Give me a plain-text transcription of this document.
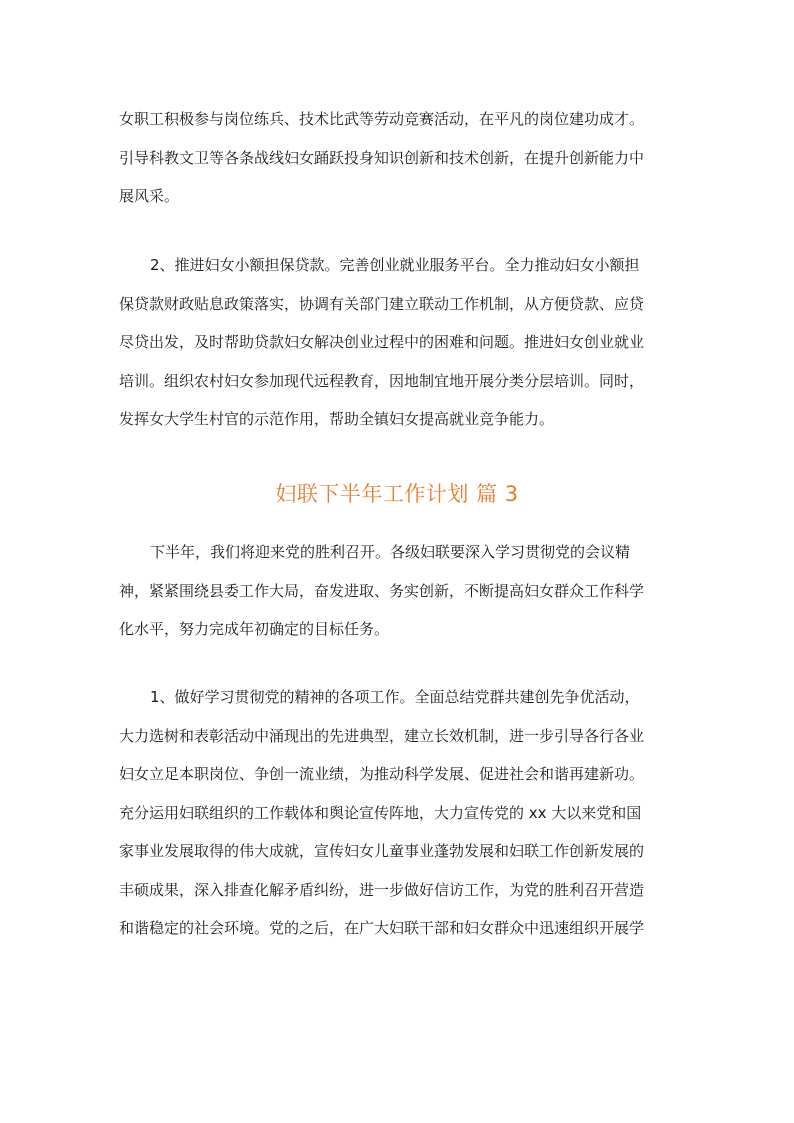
女职工积极参与岗位练兵、技术比武等劳动竞赛活动，在平凡的岗位建功成才。
引导科教文卫等各条战线妇女踊跃投身知识创新和技术创新，在提升创新能力中
展风采。
2、推进妇女小额担保贷款。完善创业就业服务平台。全力推动妇女小额担
保贷款财政贴息政策落实，协调有关部门建立联动工作机制，从方便贷款、应贷
尽贷出发，及时帮助贷款妇女解决创业过程中的困难和问题。推进妇女创业就业
培训。组织农村妇女参加现代远程教育，因地制宜地开展分类分层培训。同时，
发挥女大学生村官的示范作用，帮助全镇妇女提高就业竞争能力。
妇联下半年工作计划 篇 3
下半年，我们将迎来党的胜利召开。各级妇联要深入学习贯彻党的会议精
神，紧紧围绕县委工作大局，奋发进取、务实创新，不断提高妇女群众工作科学
化水平，努力完成年初确定的目标任务。
1、做好学习贯彻党的精神的各项工作。全面总结党群共建创先争优活动，
大力选树和表彰活动中涌现出的先进典型，建立长效机制，进一步引导各行各业
妇女立足本职岗位、争创一流业绩，为推动科学发展、促进社会和谐再建新功。
充分运用妇联组织的工作载体和舆论宣传阵地，大力宣传党的 xx 大以来党和国
家事业发展取得的伟大成就，宣传妇女儿童事业蓬勃发展和妇联工作创新发展的
丰硕成果，深入排查化解矛盾纠纷，进一步做好信访工作，为党的胜利召开营造
和谐稳定的社会环境。党的之后，在广大妇联干部和妇女群众中迅速组织开展学
